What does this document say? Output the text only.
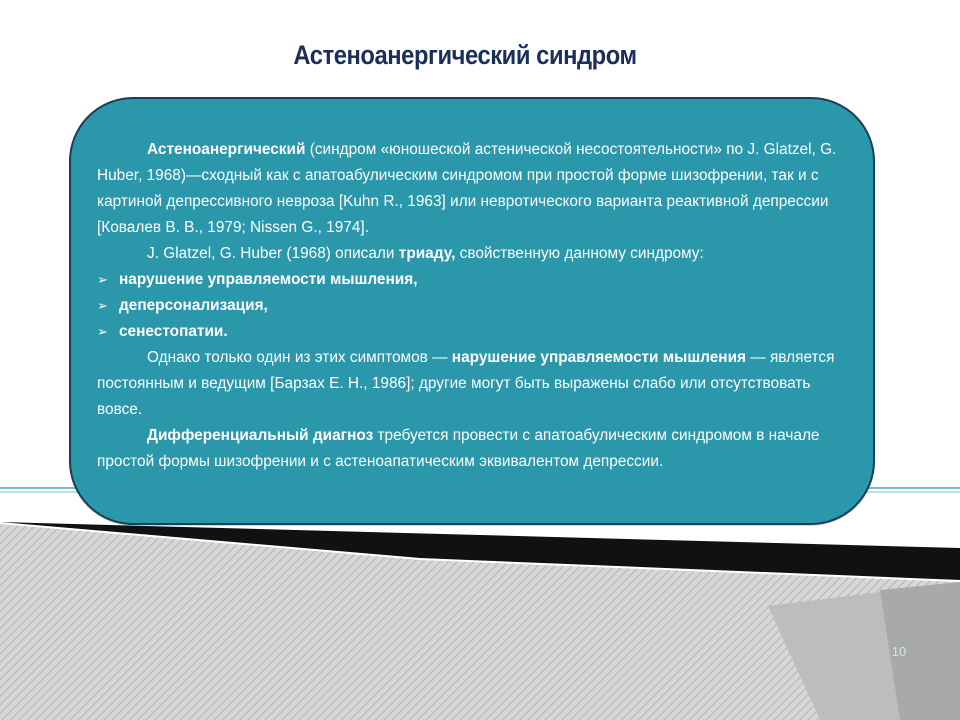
Астеноанергический синдром

Астеноанергический (синдром «юношеской астенической несостоятельности» по J. Glatzel, G. Huber, 1968)—сходный как с апатоабулическим синдромом при простой форме шизофрении, так и с картиной депрессивного невроза [Kuhn R., 1963] или невротического варианта реактивной депрессии [Ковалев В. В., 1979; Nissen G., 1974].

J. Glatzel, G. Huber (1968) описали триаду, свойственную данному синдрому:

➢ нарушение управляемости мышления,
➢ деперсонализация,
➢ сенестопатии.

Однако только один из этих симптомов — нарушение управляемости мышления — является постоянным и ведущим [Барзах Е. Н., 1986]; другие могут быть выражены слабо или отсутствовать вовсе.

Дифференциальный диагноз требуется провести с апатоабулическим синдромом в начале простой формы шизофрении и с астеноапатическим эквивалентом депрессии.

10
